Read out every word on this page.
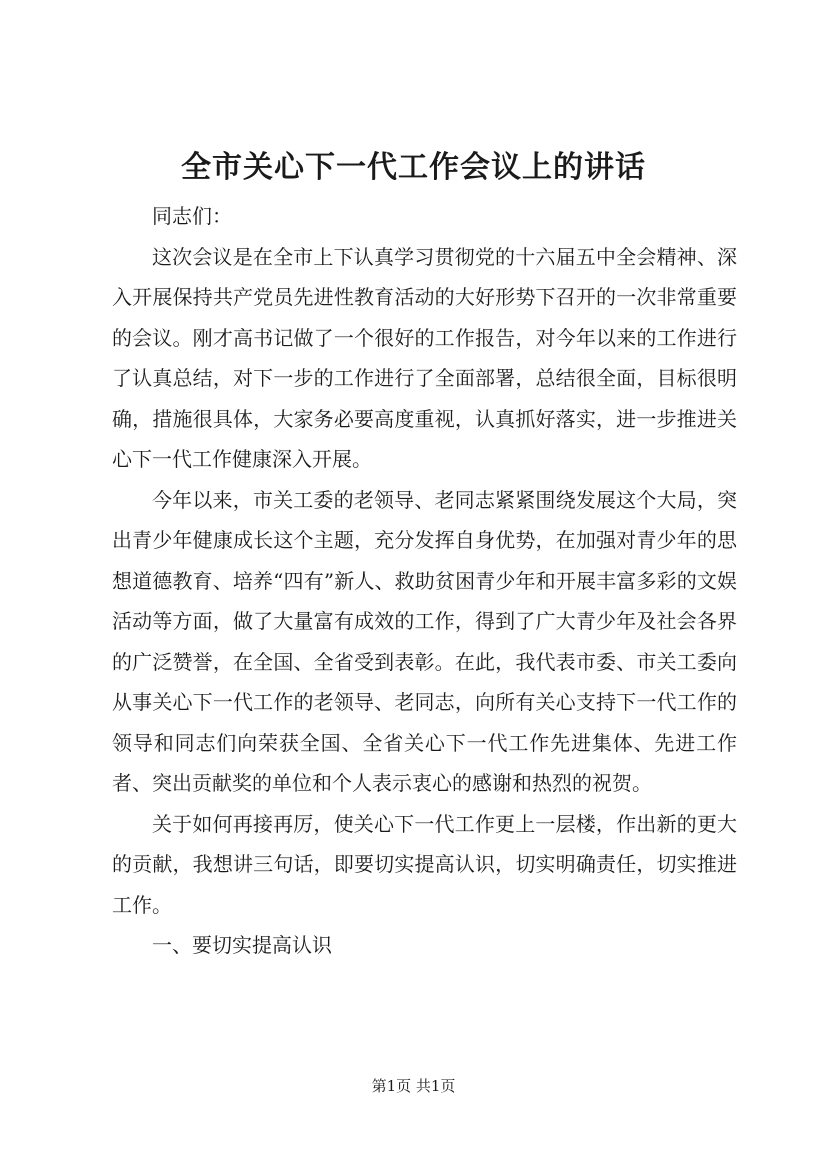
全市关心下一代工作会议上的讲话

同志们：

这次会议是在全市上下认真学习贯彻党的十六届五中全会精神、深入开展保持共产党员先进性教育活动的大好形势下召开的一次非常重要的会议。刚才高书记做了一个很好的工作报告，对今年以来的工作进行了认真总结，对下一步的工作进行了全面部署，总结很全面，目标很明确，措施很具体，大家务必要高度重视，认真抓好落实，进一步推进关心下一代工作健康深入开展。

今年以来，市关工委的老领导、老同志紧紧围绕发展这个大局，突出青少年健康成长这个主题，充分发挥自身优势，在加强对青少年的思想道德教育、培养“四有”新人、救助贫困青少年和开展丰富多彩的文娱活动等方面，做了大量富有成效的工作，得到了广大青少年及社会各界的广泛赞誉，在全国、全省受到表彰。在此，我代表市委、市关工委向从事关心下一代工作的老领导、老同志，向所有关心支持下一代工作的领导和同志们向荣获全国、全省关心下一代工作先进集体、先进工作者、突出贡献奖的单位和个人表示衷心的感谢和热烈的祝贺。

关于如何再接再厉，使关心下一代工作更上一层楼，作出新的更大的贡献，我想讲三句话，即要切实提高认识，切实明确责任，切实推进工作。

一、要切实提高认识

第1页 共1页
